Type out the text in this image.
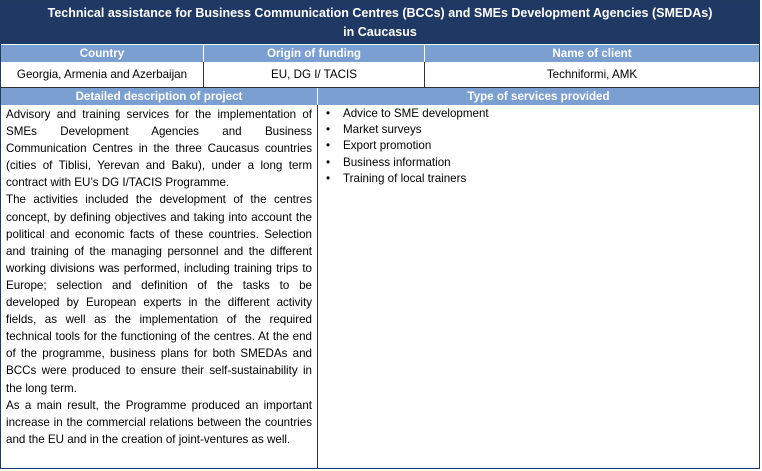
Technical assistance for Business Communication Centres (BCCs) and SMEs Development Agencies (SMEDAs)
in Caucasus
Country	Origin of funding	Name of client
Georgia, Armenia and Azerbaijan	EU, DG I/ TACIS	Techniformi, AMK
Detailed description of project	Type of services provided

Advisory and training services for the implementation of SMEs Development Agencies and Business Communication Centres in the three Caucasus countries (cities of Tiblisi, Yerevan and Baku), under a long term contract with EU’s DG I/TACIS Programme.

The activities included the development of the centres concept, by defining objectives and taking into account the political and economic facts of these countries. Selection and training of the managing personnel and the different working divisions was performed, including training trips to Europe; selection and definition of the tasks to be developed by European experts in the different activity fields, as well as the implementation of the required technical tools for the functioning of the centres. At the end of the programme, business plans for both SMEDAs and BCCs were produced to ensure their self-sustainability in the long term.

As a main result, the Programme produced an important increase in the commercial relations between the countries and the EU and in the creation of joint-ventures as well.

• Advice to SME development
• Market surveys
• Export promotion
• Business information
• Training of local trainers
